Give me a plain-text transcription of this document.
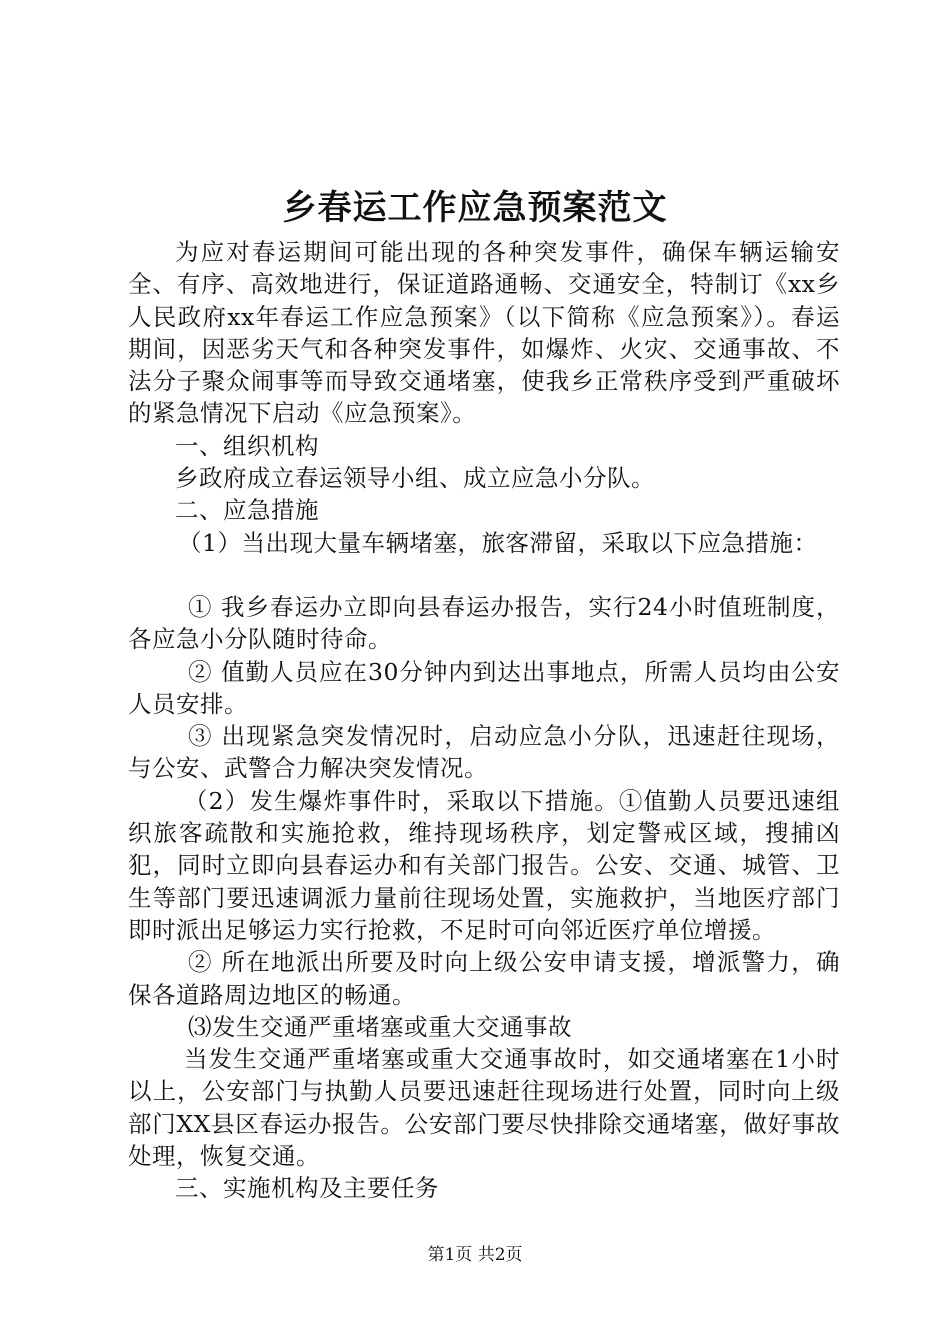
乡春运工作应急预案范文

为应对春运期间可能出现的各种突发事件，确保车辆运输安全、有序、高效地进行，保证道路通畅、交通安全，特制订《xx乡人民政府xx年春运工作应急预案》（以下简称《应急预案》）。春运期间，因恶劣天气和各种突发事件，如爆炸、火灾、交通事故、不法分子聚众闹事等而导致交通堵塞，使我乡正常秩序受到严重破坏的紧急情况下启动《应急预案》。

一、组织机构

乡政府成立春运领导小组、成立应急小分队。

二、应急措施

（1）当出现大量车辆堵塞，旅客滞留，采取以下应急措施：

① 我乡春运办立即向县春运办报告，实行24小时值班制度，各应急小分队随时待命。

② 值勤人员应在30分钟内到达出事地点，所需人员均由公安人员安排。

③ 出现紧急突发情况时，启动应急小分队，迅速赶往现场，与公安、武警合力解决突发情况。

（2）发生爆炸事件时，采取以下措施。①值勤人员要迅速组织旅客疏散和实施抢救，维持现场秩序，划定警戒区域，搜捕凶犯，同时立即向县春运办和有关部门报告。公安、交通、城管、卫生等部门要迅速调派力量前往现场处置，实施救护，当地医疗部门即时派出足够运力实行抢救，不足时可向邻近医疗单位增援。

② 所在地派出所要及时向上级公安申请支援，增派警力，确保各道路周边地区的畅通。

⑶发生交通严重堵塞或重大交通事故

当发生交通严重堵塞或重大交通事故时，如交通堵塞在1小时以上，公安部门与执勤人员要迅速赶往现场进行处置，同时向上级部门XX县区春运办报告。公安部门要尽快排除交通堵塞，做好事故处理，恢复交通。

三、实施机构及主要任务

第1页 共2页
